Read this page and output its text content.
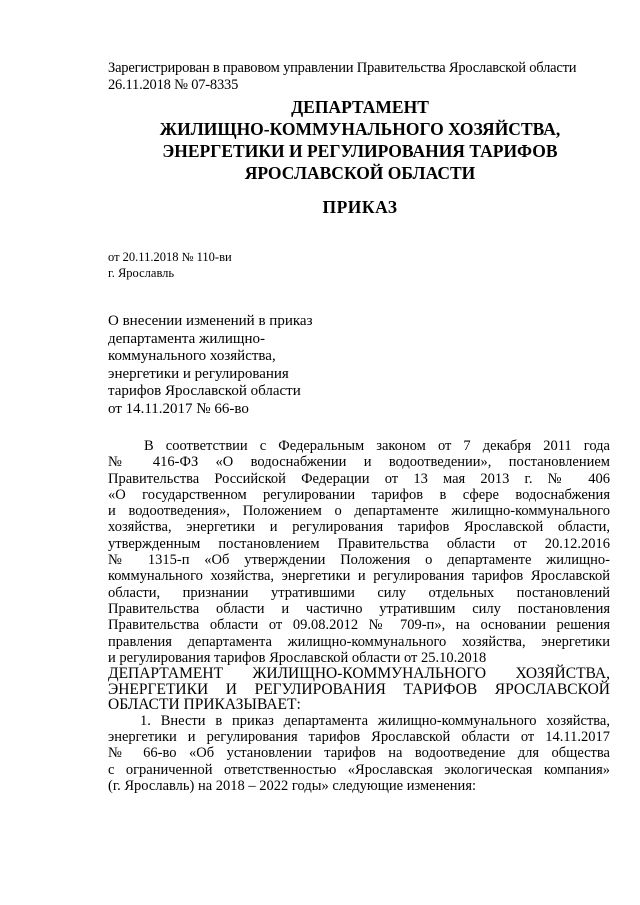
Зарегистрирован в правовом управлении Правительства Ярославской области
26.11.2018 № 07-8335
ДЕПАРТАМЕНТ
ЖИЛИЩНО-КОММУНАЛЬНОГО ХОЗЯЙСТВА,
ЭНЕРГЕТИКИ И РЕГУЛИРОВАНИЯ ТАРИФОВ
ЯРОСЛАВСКОЙ ОБЛАСТИ
ПРИКАЗ
от 20.11.2018 № 110-ви
г. Ярославль
О внесении изменений в приказ
департамента жилищно-
коммунального хозяйства,
энергетики и регулирования
тарифов Ярославской области
от 14.11.2017 № 66-во
В соответствии с Федеральным законом от 7 декабря 2011 года
№ 416-ФЗ «О водоснабжении и водоотведении», постановлением
Правительства Российской Федерации от 13 мая 2013 г. № 406
«О государственном регулировании тарифов в сфере водоснабжения
и водоотведения», Положением о департаменте жилищно-коммунального
хозяйства, энергетики и регулирования тарифов Ярославской области,
утвержденным постановлением Правительства области от 20.12.2016
№ 1315-п «Об утверждении Положения о департаменте жилищно-
коммунального хозяйства, энергетики и регулирования тарифов Ярославской
области, признании утратившими силу отдельных постановлений
Правительства области и частично утратившим силу постановления
Правительства области от 09.08.2012 № 709-п», на основании решения
правления департамента жилищно-коммунального хозяйства, энергетики
и регулирования тарифов Ярославской области от 25.10.2018
ДЕПАРТАМЕНТ ЖИЛИЩНО-КОММУНАЛЬНОГО ХОЗЯЙСТВА,
ЭНЕРГЕТИКИ И РЕГУЛИРОВАНИЯ ТАРИФОВ ЯРОСЛАВСКОЙ
ОБЛАСТИ ПРИКАЗЫВАЕТ:
1. Внести в приказ департамента жилищно-коммунального хозяйства,
энергетики и регулирования тарифов Ярославской области от 14.11.2017
№ 66-во «Об установлении тарифов на водоотведение для общества
с ограниченной ответственностью «Ярославская экологическая компания»
(г. Ярославль) на 2018 – 2022 годы» следующие изменения:
